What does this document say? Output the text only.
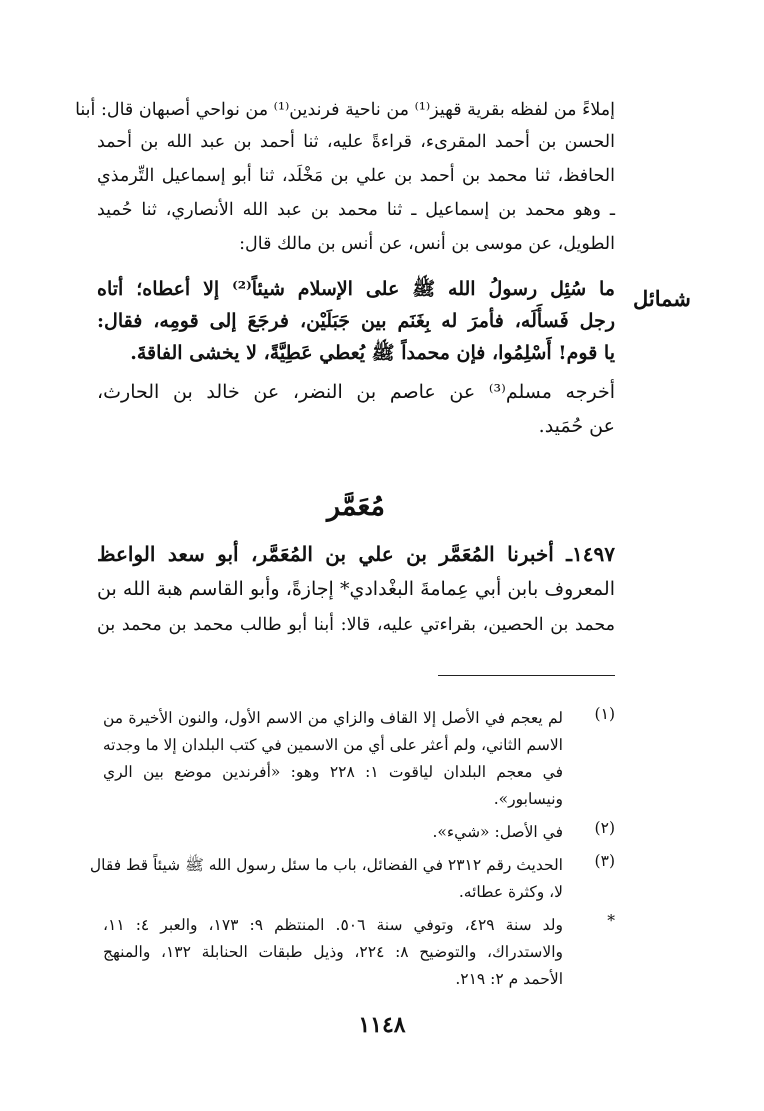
شمائل
إملاءً من لفظه بقرية قهيز⁽¹⁾ من ناحية فرندين⁽¹⁾ من نواحي أصبهان قال: أبنا
الحسن بن أحمد المقرىء، قراءةً عليه، ثنا أحمد بن عبد الله بن أحمد
الحافظ، ثنا محمد بن أحمد بن علي بن مَخْلَد، ثنا أبو إسماعيل التِّرمذي
ـ وهو محمد بن إسماعيل ـ ثنا محمد بن عبد الله الأنصاري، ثنا حُميد
الطويل، عن موسى بن أنس، عن أنس بن مالك قال:
ما سُئِل رسولُ الله ﷺ على الإسلام شيئاً⁽²⁾ إلا أعطاه؛ أتاه
رجل فَسأَلَه، فأمرَ له بِغَنَم بين جَبَلَيْن، فرجَعَ إلى قومِه، فقال:
يا قوم! أَسْلِمُوا، فإن محمداً ﷺ يُعطي عَطِيَّةً، لا يخشى الفاقةَ.
أخرجه مسلم⁽³⁾ عن عاصم بن النضر، عن خالد بن الحارث،
عن حُمَيد.
مُعَمَّر
١٤٩٧ـ أخبرنا المُعَمَّر بن علي بن المُعَمَّر، أبو سعد الواعظ
المعروف بابن أبي عِمامةَ البغْدادي* إجازةً، وأبو القاسم هبة الله بن
محمد بن الحصين، بقراءتي عليه، قالا: أبنا أبو طالب محمد بن محمد بن
(١)
لم يعجم في الأصل إلا القاف والزاي من الاسم الأول، والنون الأخيرة من
الاسم الثاني، ولم أعثر على أي من الاسمين في كتب البلدان إلا ما وجدته
في معجم البلدان لياقوت ١: ٢٢٨ وهو: «أفرندين موضع بين الري
ونيسابور».
(٢)
في الأصل: «شيء».
(٣)
الحديث رقم ٢٣١٢ في الفضائل، باب ما سئل رسول الله ﷺ شيئاً قط فقال
لا، وكثرة عطائه.
*
ولد سنة ٤٢٩، وتوفي سنة ٥٠٦. المنتظم ٩: ١٧٣، والعبر ٤: ١١،
والاستدراك، والتوضيح ٨: ٢٢٤، وذيل طبقات الحنابلة ١٣٢، والمنهج
الأحمد م ٢: ٢١٩.
١١٤٨
